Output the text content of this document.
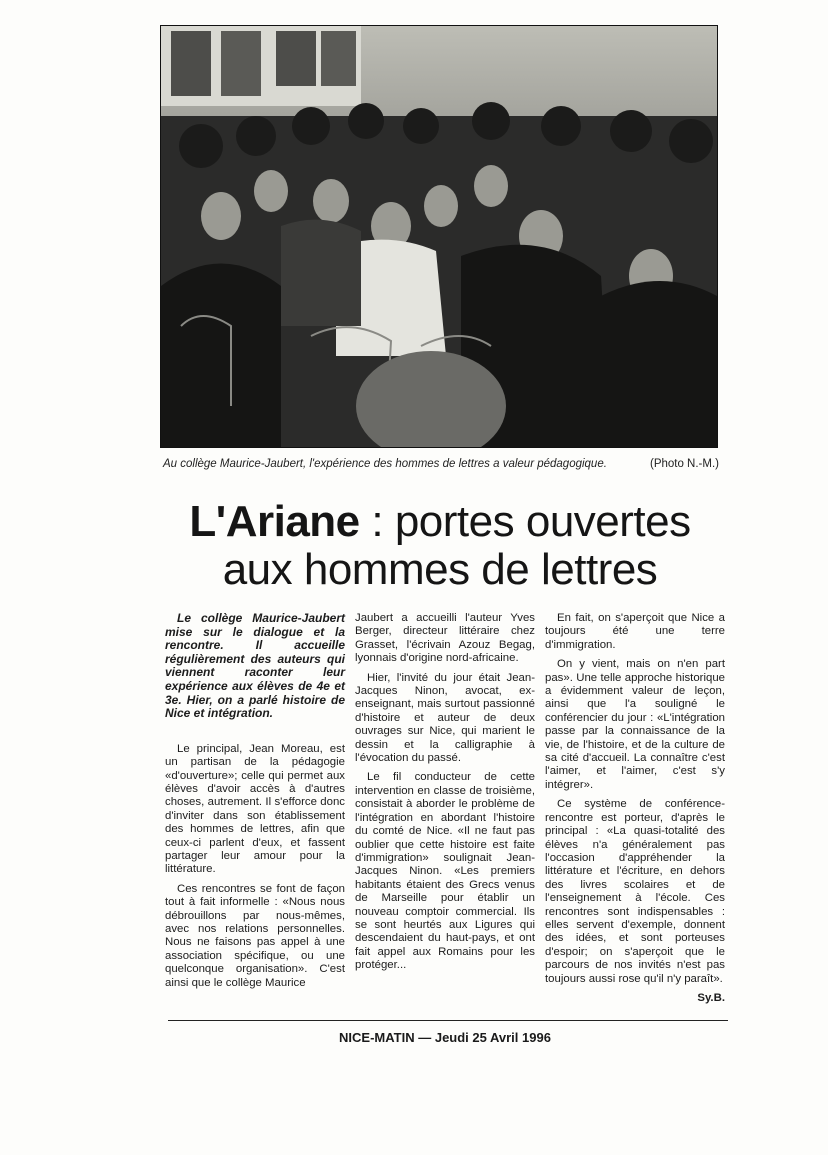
Au collège Maurice-Jaubert, l'expérience des hommes de lettres a valeur pédagogique.	(Photo N.-M.)
L'Ariane : portes ouvertes
aux hommes de lettres

Le collège Maurice-Jaubert mise sur le dialogue et la rencontre. Il accueille régulièrement des auteurs qui viennent raconter leur expérience aux élèves de 4e et 3e. Hier, on a parlé histoire de Nice et intégration.

Le principal, Jean Moreau, est un partisan de la pédagogie «d'ouverture»; celle qui permet aux élèves d'avoir accès à d'autres choses, autrement. Il s'efforce donc d'inviter dans son établissement des hommes de lettres, afin que ceux-ci parlent d'eux, et fassent partager leur amour pour la littérature.

Ces rencontres se font de façon tout à fait informelle : «Nous nous débrouillons par nous-mêmes, avec nos relations personnelles. Nous ne faisons pas appel à une association spécifique, ou une quelconque organisation». C'est ainsi que le collège Maurice

Jaubert a accueilli l'auteur Yves Berger, directeur littéraire chez Grasset, l'écrivain Azouz Begag, lyonnais d'origine nord-africaine.

Hier, l'invité du jour était Jean-Jacques Ninon, avocat, ex-enseignant, mais surtout passionné d'histoire et auteur de deux ouvrages sur Nice, qui marient le dessin et la calligraphie à l'évocation du passé.

Le fil conducteur de cette intervention en classe de troisième, consistait à aborder le problème de l'intégration en abordant l'histoire du comté de Nice. «Il ne faut pas oublier que cette histoire est faite d'immigration» soulignait Jean-Jacques Ninon. «Les premiers habitants étaient des Grecs venus de Marseille pour établir un nouveau comptoir commercial. Ils se sont heurtés aux Ligures qui descendaient du haut-pays, et ont fait appel aux Romains pour les protéger...

En fait, on s'aperçoit que Nice a toujours été une terre d'immigration.

On y vient, mais on n'en part pas». Une telle approche historique a évidemment valeur de leçon, ainsi que l'a souligné le conférencier du jour : «L'intégration passe par la connaissance de la vie, de l'histoire, et de la culture de sa cité d'accueil. La connaître c'est l'aimer, et l'aimer, c'est s'y intégrer».

Ce système de conférence-rencontre est porteur, d'après le principal : «La quasi-totalité des élèves n'a généralement pas l'occasion d'appréhender la littérature et l'écriture, en dehors des livres scolaires et de l'enseignement à l'école. Ces rencontres sont indispensables : elles servent d'exemple, donnent des idées, et sont porteuses d'espoir; on s'aperçoit que le parcours de nos invités n'est pas toujours aussi rose qu'il n'y paraît».

Sy.B.
NICE-MATIN — Jeudi 25 Avril 1996
